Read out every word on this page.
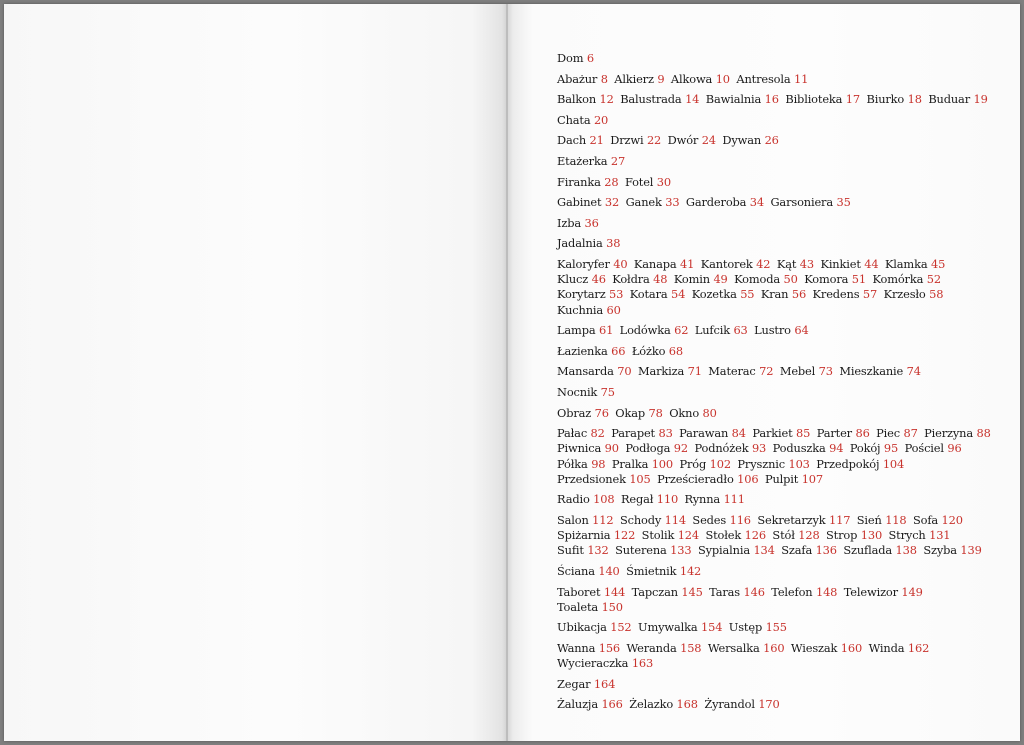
Dom 6
Abażur 8 Alkierz 9 Alkowa 10 Antresola 11
Balkon 12 Balustrada 14 Bawialnia 16 Biblioteka 17 Biurko 18 Buduar 19
Chata 20
Dach 21 Drzwi 22 Dwór 24 Dywan 26
Etażerka 27
Firanka 28 Fotel 30
Gabinet 32 Ganek 33 Garderoba 34 Garsoniera 35
Izba 36
Jadalnia 38
Kaloryfer 40 Kanapa 41 Kantorek 42 Kąt 43 Kinkiet 44 Klamka 45 Klucz 46 Kołdra 48 Komin 49 Komoda 50 Komora 51 Komórka 52 Korytarz 53 Kotara 54 Kozetka 55 Kran 56 Kredens 57 Krzesło 58 Kuchnia 60
Lampa 61 Lodówka 62 Lufcik 63 Lustro 64
Łazienka 66 Łóżko 68
Mansarda 70 Markiza 71 Materac 72 Mebel 73 Mieszkanie 74
Nocnik 75
Obraz 76 Okap 78 Okno 80
Pałac 82 Parapet 83 Parawan 84 Parkiet 85 Parter 86 Piec 87 Pierzyna 88 Piwnica 90 Podłoga 92 Podnóżek 93 Poduszka 94 Pokój 95 Pościel 96 Półka 98 Pralka 100 Próg 102 Prysznic 103 Przedpokój 104 Przedsionek 105 Prześcieradło 106 Pulpit 107
Radio 108 Regał 110 Rynna 111
Salon 112 Schody 114 Sedes 116 Sekretarzyk 117 Sień 118 Sofa 120 Spiżarnia 122 Stolik 124 Stołek 126 Stół 128 Strop 130 Strych 131 Sufit 132 Suterena 133 Sypialnia 134 Szafa 136 Szuflada 138 Szyba 139
Ściana 140 Śmietnik 142
Taboret 144 Tapczan 145 Taras 146 Telefon 148 Telewizor 149 Toaleta 150
Ubikacja 152 Umywalka 154 Ustęp 155
Wanna 156 Weranda 158 Wersalka 160 Wieszak 160 Winda 162 Wycieraczka 163
Zegar 164
Żaluzja 166 Żelazko 168 Żyrandol 170
